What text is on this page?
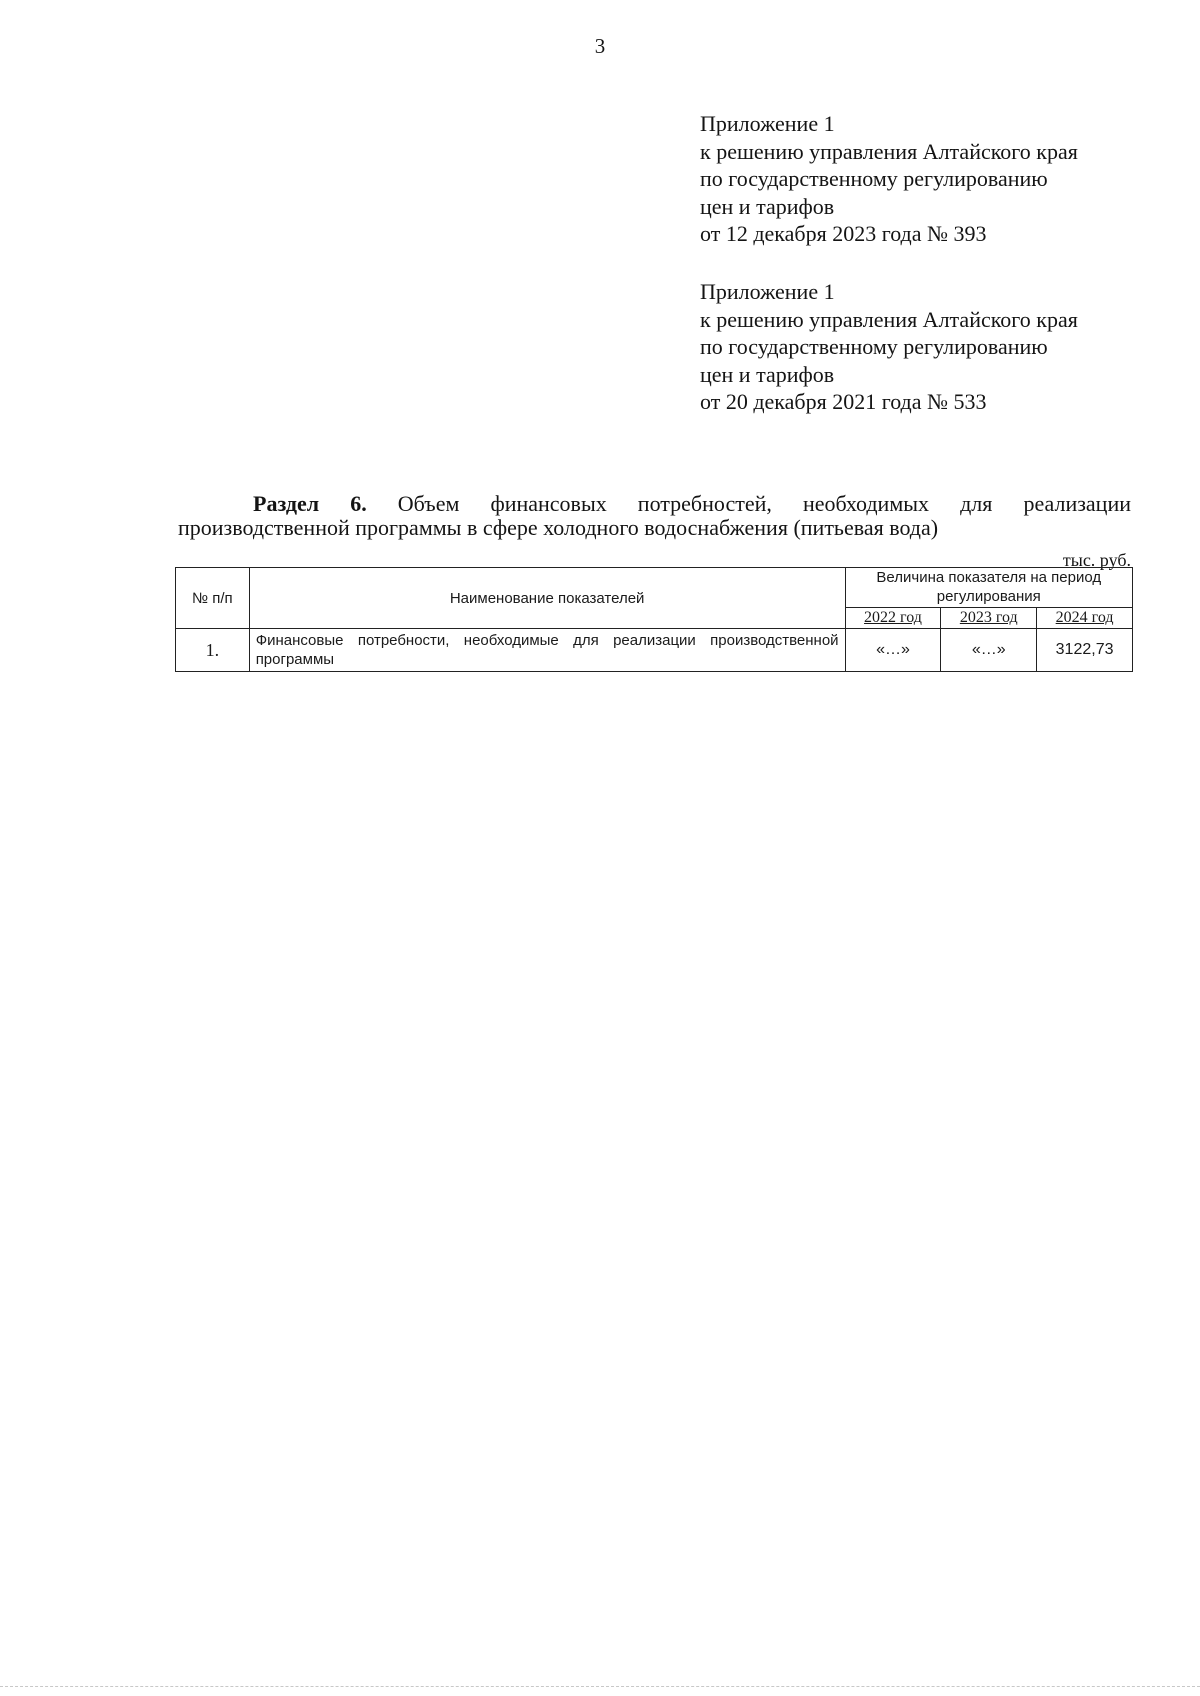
3
Приложение 1
к решению управления Алтайского края
по государственному регулированию
цен и тарифов
от 12 декабря 2023 года № 393
Приложение 1
к решению управления Алтайского края
по государственному регулированию
цен и тарифов
от 20 декабря 2021 года № 533
Раздел 6. Объем финансовых потребностей, необходимых для реализации
производственной программы в сфере холодного водоснабжения (питьевая вода)
тыс. руб.
№ п/п	Наименование показателей	Величина показателя на период регулирования		
		2022 год	2023 год	2024 год
1.	Финансовые потребности, необходимые для реализации производственной программы	«…»	«…»	3122,73
